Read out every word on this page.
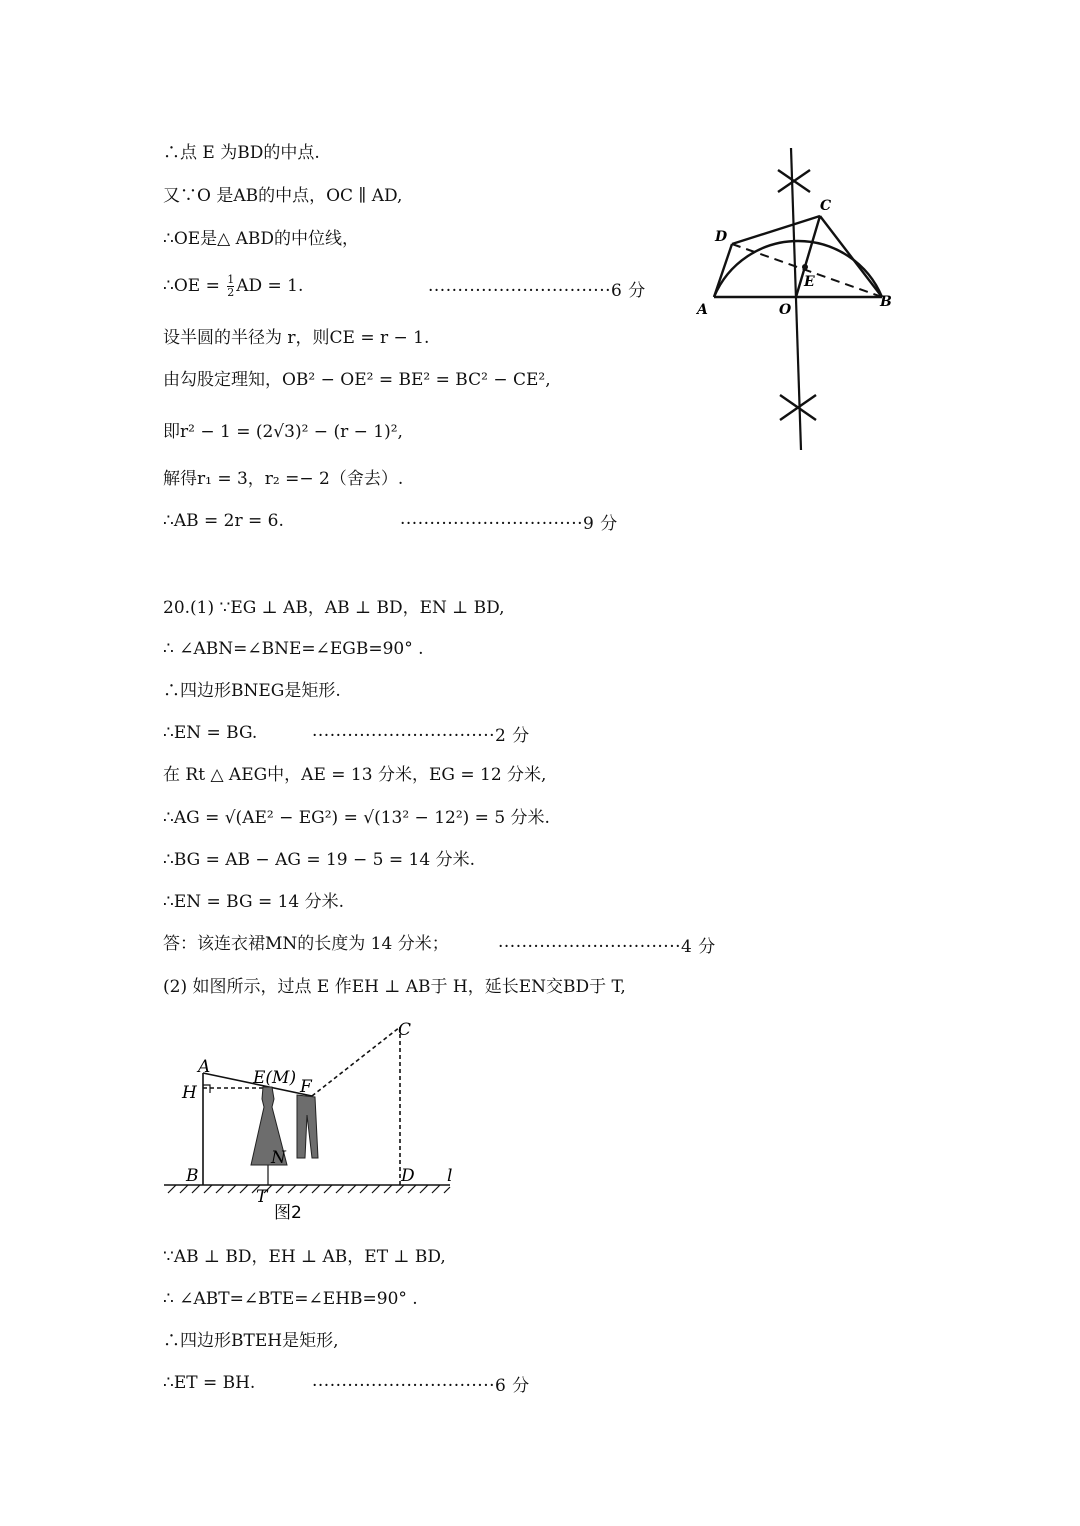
∴点 E 为BD的中点.
又∵O 是AB的中点，OC ∥ AD,
∴OE是△ ABD的中位线，
∴OE = $\frac{1}{2}$ AD = 1.	·······························6 分
设半圆的半径为 r，则CE = r − 1.
由勾股定理知，OB² − OE² = BE² = BC² − CE²,
即r² − 1 = (2√3)² − (r − 1)²,
解得r₁ = 3，r₂ =− 2（舍去）.
∴AB = 2r = 6.	·······························9 分
20.(1) ∵EG ⊥ AB，AB ⊥ BD，EN ⊥ BD,
∴ ∠ABN=∠BNE=∠EGB=90° .
∴四边形BNEG是矩形.
∴EN = BG.	·······························2 分
在 Rt △ AEG中，AE = 13 分米，EG = 12 分米,
∴AG = √(AE² − EG²) = √(13² − 12²) = 5 分米.
∴BG = AB − AG = 19 − 5 = 14 分米.
∴EN = BG = 14 分米.
答：该连衣裙MN的长度为 14 分米；	·······························4 分
(2) 如图所示，过点 E 作EH ⊥ AB于 H，延长EN交BD于 T,
∵AB ⊥ BD，EH ⊥ AB，ET ⊥ BD,
∴ ∠ABT=∠BTE=∠EHB=90° .
∴四边形BTEH是矩形,
∴ET = BH.	·······························6 分
A	B
C
D
E
O
A
H
E(M) F
C
B
N
D
T
l
图2
